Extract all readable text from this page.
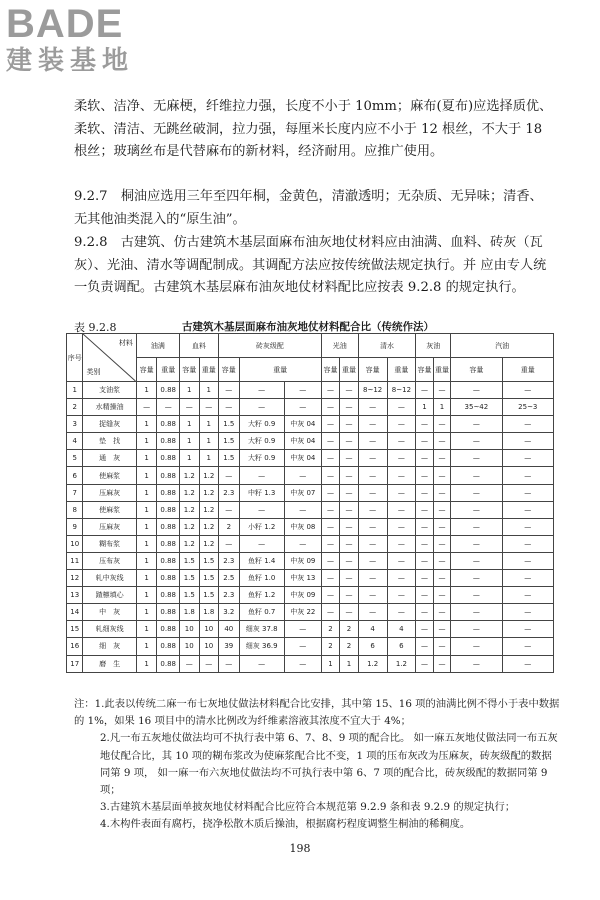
BADE
建装基地

柔软、洁净、无麻梗，纤维拉力强，长度不小于 10mm；麻布(夏布)应选择质优、柔软、清洁、无跳丝破洞，拉力强，每厘米长度内应不小于 12 根丝，不大于 18 根丝；玻璃丝布是代替麻布的新材料，经济耐用。应推广使用。

9.2.7　桐油应选用三年至四年桐，金黄色，清澈透明；无杂质、无异味；清香、无其他油类混入的“原生油”。

9.2.8　古建筑、仿古建筑木基层面麻布油灰地仗材料应由油满、血料、砖灰（瓦灰）、光油、清水等调配制成。其调配方法应按传统做法规定执行。并 应由专人统一负责调配。古建筑木基层麻布油灰地仗材料配比应按表 9.2.8 的规定执行。

表 9.2.8	古建筑木基层面麻布油灰地仗材料配合比（传统作法）
序号	材料
类别	油满		血料		砖灰级配			光油		清水		灰油		汽油	
		容量	重量	容量	重量	容量	重量		容量	重量	容量	重量	容量	重量	容量	重量
1	支油浆	1	0.88	1	1	—	—	—	—	—	8~12	8~12	—	—	—	—
2	水精操油	—	—	—	—	—	—	—	—	—	—	—	1	1	35~42	25~3
3	捉缝灰	1	0.88	1	1	1.5	大籽 0.9	中灰 04	—	—	—	—	—	—	—	—
4	垫　找	1	0.88	1	1	1.5	大籽 0.9	中灰 04	—	—	—	—	—	—	—	—
5	通　灰	1	0.88	1	1	1.5	大籽 0.9	中灰 04	—	—	—	—	—	—	—	—
6	使麻浆	1	0.88	1.2	1.2	—	—	—	—	—	—	—	—	—	—	—
7	压麻灰	1	0.88	1.2	1.2	2.3	中籽 1.3	中灰 07	—	—	—	—	—	—	—	—
8	使麻浆	1	0.88	1.2	1.2	—	—	—	—	—	—	—	—	—	—	—
9	压麻灰	1	0.88	1.2	1.2	2	小籽 1.2	中灰 08	—	—	—	—	—	—	—	—
10	糊布浆	1	0.88	1.2	1.2	—	—	—	—	—	—	—	—	—	—	—
11	压布灰	1	0.88	1.5	1.5	2.3	鱼籽 1.4	中灰 09	—	—	—	—	—	—	—	—
12	轧中灰线	1	0.88	1.5	1.5	2.5	鱼籽 1.0	中灰 13	—	—	—	—	—	—	—	—
13	蹅檩填心	1	0.88	1.5	1.5	2.3	鱼籽 1.2	中灰 09	—	—	—	—	—	—	—	—
14	中　灰	1	0.88	1.8	1.8	3.2	鱼籽 0.7	中灰 22	—	—	—	—	—	—	—	—
15	轧细灰线	1	0.88	10	10	40	细灰 37.8	—	2	2	4	4	—	—	—	—
16	细　灰	1	0.88	10	10	39	细灰 36.9	—	2	2	6	6	—	—	—	—
17	磨　生	1	0.88	—	—	—	—	—	1	1	1.2	1.2	—	—	—	—

注：1.此表以传统二麻一布七灰地仗做法材料配合比安排，其中第 15、16 项的油满比例不得小于表中数据的 1%，如果 16 项目中的清水比例改为纤维素溶液其浓度不宜大于 4%；

2.凡一布五灰地仗做法均可不执行表中第 6、7、8、9 项的配合比。 如一麻五灰地仗做法同一布五灰地仗配合比，其 10 项的糊布浆改为使麻浆配合比不变，1 项的压布灰改为压麻灰，砖灰级配的数据同第 9 项， 如一麻一布六灰地仗做法均不可执行表中第 6、7 项的配合比，砖灰级配的数据同第 9 项；

3.古建筑木基层面单披灰地仗材料配合比应符合本规范第 9.2.9 条和表 9.2.9 的规定执行；

4.木构件表面有腐朽，挠净松散木质后操油，根据腐朽程度调整生桐油的稀稠度。

198
